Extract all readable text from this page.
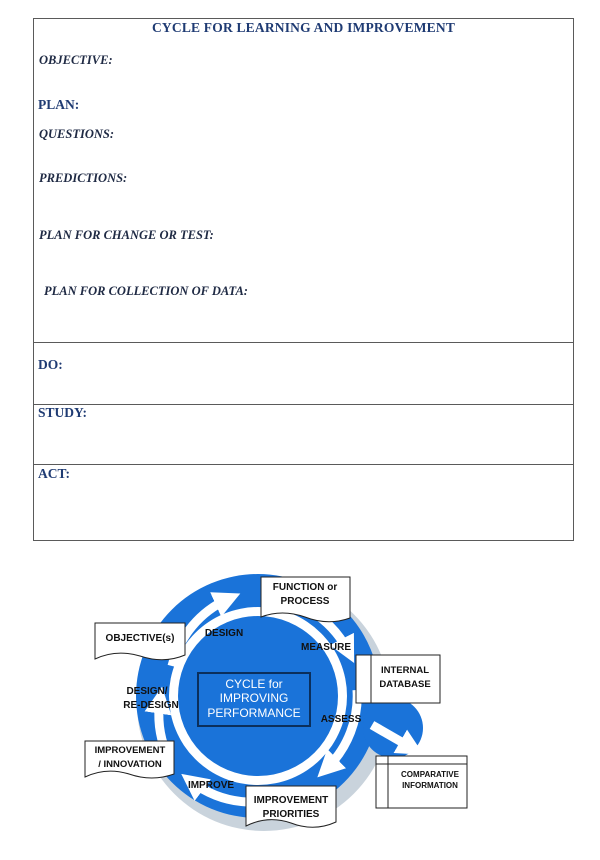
CYCLE FOR LEARNING AND IMPROVEMENT
OBJECTIVE:
PLAN:
QUESTIONS:
PREDICTIONS:
PLAN FOR CHANGE OR TEST:
PLAN FOR COLLECTION OF DATA:
DO:
STUDY:
ACT:
CYCLE for
IMPROVING
PERFORMANCE
DESIGN
MEASURE
ASSESS
IMPROVE
DESIGN/
RE-DESIGN
FUNCTION or
PROCESS
OBJECTIVE(s)
INTERNAL
DATABASE
IMPROVEMENT
/ INNOVATION
COMPARATIVE
INFORMATION
IMPROVEMENT
PRIORITIES
